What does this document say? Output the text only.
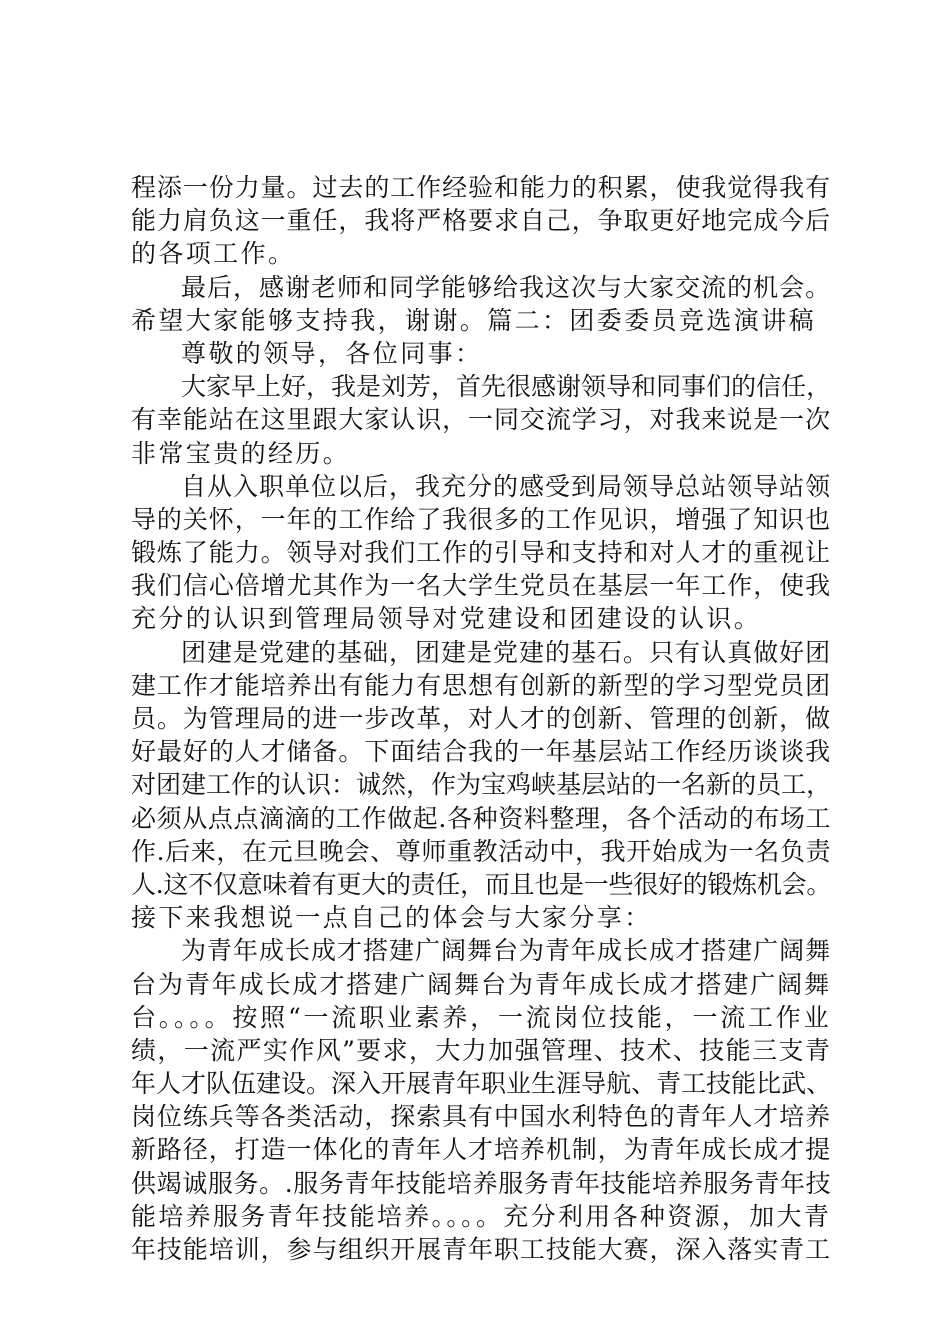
程添一份力量。过去的工作经验和能力的积累，使我觉得我有
能力肩负这一重任，我将严格要求自己，争取更好地完成今后
的各项工作。
最后，感谢老师和同学能够给我这次与大家交流的机会。
希望大家能够支持我，谢谢。篇二：团委委员竞选演讲稿
尊敬的领导，各位同事：
大家早上好，我是刘芳，首先很感谢领导和同事们的信任，
有幸能站在这里跟大家认识，一同交流学习，对我来说是一次
非常宝贵的经历。
自从入职单位以后，我充分的感受到局领导总站领导站领
导的关怀，一年的工作给了我很多的工作见识，增强了知识也
锻炼了能力。领导对我们工作的引导和支持和对人才的重视让
我们信心倍增尤其作为一名大学生党员在基层一年工作，使我
充分的认识到管理局领导对党建设和团建设的认识。
团建是党建的基础，团建是党建的基石。只有认真做好团
建工作才能培养出有能力有思想有创新的新型的学习型党员团
员。为管理局的进一步改革，对人才的创新、管理的创新，做
好最好的人才储备。下面结合我的一年基层站工作经历谈谈我
对团建工作的认识：诚然，作为宝鸡峡基层站的一名新的员工，
必须从点点滴滴的工作做起.各种资料整理，各个活动的布场工
作.后来，在元旦晚会、尊师重教活动中，我开始成为一名负责
人.这不仅意味着有更大的责任，而且也是一些很好的锻炼机会。
接下来我想说一点自己的体会与大家分享：
为青年成长成才搭建广阔舞台为青年成长成才搭建广阔舞
台为青年成长成才搭建广阔舞台为青年成长成才搭建广阔舞
台。。。。按照“一流职业素养，一流岗位技能，一流工作业
绩，一流严实作风”要求，大力加强管理、技术、技能三支青
年人才队伍建设。深入开展青年职业生涯导航、青工技能比武、
岗位练兵等各类活动，探索具有中国水利特色的青年人才培养
新路径，打造一体化的青年人才培养机制，为青年成长成才提
供竭诚服务。.服务青年技能培养服务青年技能培养服务青年技
能培养服务青年技能培养。。。。充分利用各种资源，加大青
年技能培训，参与组织开展青年职工技能大赛，深入落实青工
